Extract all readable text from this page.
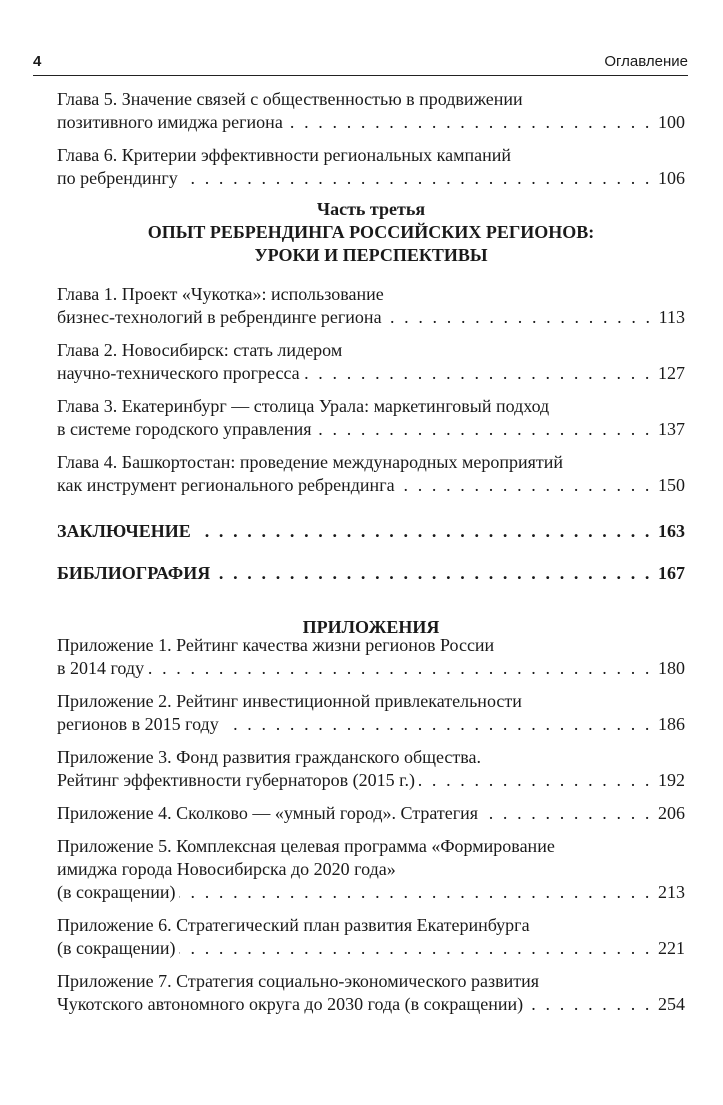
4	Оглавление
Глава 5. Значение связей с общественностью в продвижении
позитивного имиджа региона . . .	100
Глава 6. Критерии эффективности региональных кампаний
по ребрендингу . . .	106
Часть третья
ОПЫТ РЕБРЕНДИНГА РОССИЙСКИХ РЕГИОНОВ:
УРОКИ И ПЕРСПЕКТИВЫ
Глава 1. Проект «Чукотка»: использование
бизнес-технологий в ребрендинге региона . . .	113
Глава 2. Новосибирск: стать лидером
научно-технического прогресса . . .	127
Глава 3. Екатеринбург — столица Урала: маркетинговый подход
в системе городского управления . . .	137
Глава 4. Башкортостан: проведение международных мероприятий
как инструмент регионального ребрендинга . . .	150
ЗАКЛЮЧЕНИЕ . . .	163
БИБЛИОГРАФИЯ . . .	167
ПРИЛОЖЕНИЯ
Приложение 1. Рейтинг качества жизни регионов России
в 2014 году . . .	180
Приложение 2. Рейтинг инвестиционной привлекательности
регионов в 2015 году . . .	186
Приложение 3. Фонд развития гражданского общества.
Рейтинг эффективности губернаторов (2015 г.) . . .	192
Приложение 4. Сколково — «умный город». Стратегия . . .	206
Приложение 5. Комплексная целевая программа «Формирование
имиджа города Новосибирска до 2020 года»
(в сокращении) . . .	213
Приложение 6. Стратегический план развития Екатеринбурга
(в сокращении) . . .	221
Приложение 7. Стратегия социально-экономического развития
Чукотского автономного округа до 2030 года (в сокращении) . . .	254
